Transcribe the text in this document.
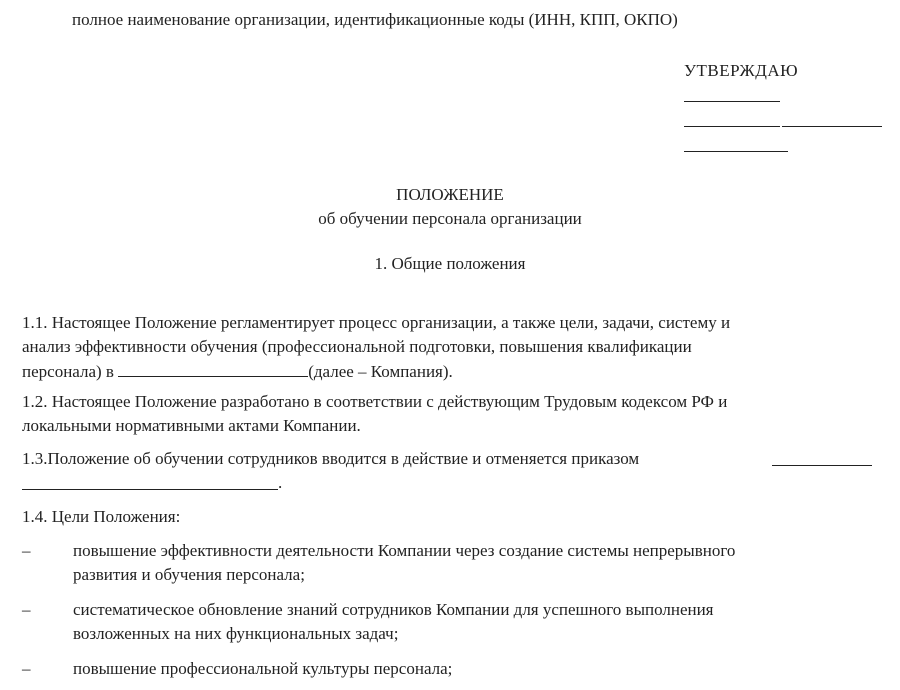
полное наименование организации, идентификационные коды (ИНН, КПП, ОКПО)
УТВЕРЖДАЮ
ПОЛОЖЕНИЕ
об обучении персонала организации
1. Общие положения
1.1. Настоящее Положение регламентирует процесс организации, а также цели, задачи, систему и
анализ эффективности обучения (профессиональной подготовки, повышения квалификации
персонала) в	(далее – Компания).
1.2. Настоящее Положение разработано в соответствии с действующим Трудовым кодексом РФ и
локальными нормативными актами Компании.
1.3.Положение об обучении сотрудников вводится в действие и отменяется приказом
.
1.4. Цели Положения:
–	повышение эффективности деятельности Компании через создание системы непрерывного
развития и обучения персонала;
–	систематическое обновление знаний сотрудников Компании для успешного выполнения
возложенных на них функциональных задач;
–	повышение профессиональной культуры персонала;
